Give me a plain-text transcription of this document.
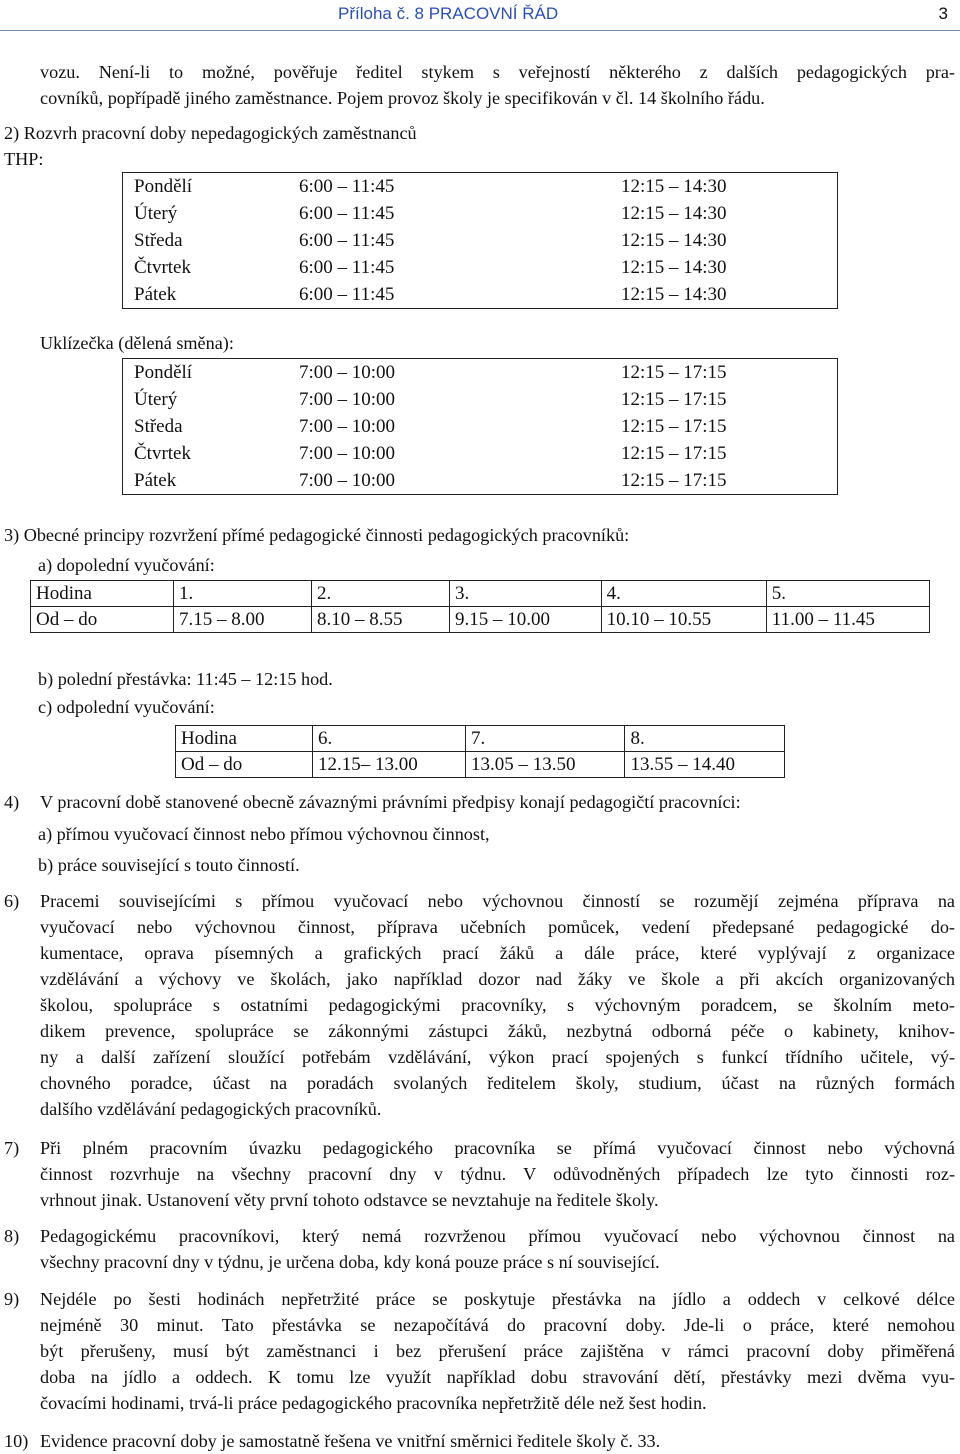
Příloha č. 8 PRACOVNÍ ŘÁD	3
vozu. Není-li to možné, pověřuje ředitel stykem s veřejností některého z dalších pedagogických pra-
covníků, popřípadě jiného zaměstnance. Pojem provoz školy je specifikován v čl. 14 školního řádu.
2) Rozvrh pracovní doby nepedagogických zaměstnanců
THP:
Pondělí	6:00 – 11:45	12:15 – 14:30
Úterý	6:00 – 11:45	12:15 – 14:30
Středa	6:00 – 11:45	12:15 – 14:30
Čtvrtek	6:00 – 11:45	12:15 – 14:30
Pátek	6:00 – 11:45	12:15 – 14:30
Uklízečka (dělená směna):
Pondělí	7:00 – 10:00	12:15 – 17:15
Úterý	7:00 – 10:00	12:15 – 17:15
Středa	7:00 – 10:00	12:15 – 17:15
Čtvrtek	7:00 – 10:00	12:15 – 17:15
Pátek	7:00 – 10:00	12:15 – 17:15
3) Obecné principy rozvržení přímé pedagogické činnosti pedagogických pracovníků:
a) dopolední vyučování:
Hodina	1.	2.	3.	4.	5.
Od – do	7.15 – 8.00	8.10 – 8.55	9.15 – 10.00	10.10 – 10.55	11.00 – 11.45
b) polední přestávka: 11:45 – 12:15 hod.
c) odpolední vyučování:
Hodina	6.	7.	8.
Od – do	12.15– 13.00	13.05 – 13.50	13.55 – 14.40
4) V pracovní době stanovené obecně závaznými právními předpisy konají pedagogičtí pracovníci:
a) přímou vyučovací činnost nebo přímou výchovnou činnost,
b) práce související s touto činností.
6) Pracemi souvisejícími s přímou vyučovací nebo výchovnou činností se rozumějí zejména příprava na
vyučovací nebo výchovnou činnost, příprava učebních pomůcek, vedení předepsané pedagogické do-
kumentace, oprava písemných a grafických prací žáků a dále práce, které vyplývají z organizace
vzdělávání a výchovy ve školách, jako například dozor nad žáky ve škole a při akcích organizovaných
školou, spolupráce s ostatními pedagogickými pracovníky, s výchovným poradcem, se školním meto-
dikem prevence, spolupráce se zákonnými zástupci žáků, nezbytná odborná péče o kabinety, knihov-
ny a další zařízení sloužící potřebám vzdělávání, výkon prací spojených s funkcí třídního učitele, vý-
chovného poradce, účast na poradách svolaných ředitelem školy, studium, účast na různých formách
dalšího vzdělávání pedagogických pracovníků.
7) Při plném pracovním úvazku pedagogického pracovníka se přímá vyučovací činnost nebo výchovná
činnost rozvrhuje na všechny pracovní dny v týdnu. V odůvodněných případech lze tyto činnosti roz-
vrhnout jinak. Ustanovení věty první tohoto odstavce se nevztahuje na ředitele školy.
8) Pedagogickému pracovníkovi, který nemá rozvrženou přímou vyučovací nebo výchovnou činnost na
všechny pracovní dny v týdnu, je určena doba, kdy koná pouze práce s ní související.
9) Nejdéle po šesti hodinách nepřetržité práce se poskytuje přestávka na jídlo a oddech v celkové délce
nejméně 30 minut. Tato přestávka se nezapočítává do pracovní doby. Jde-li o práce, které nemohou
být přerušeny, musí být zaměstnanci i bez přerušení práce zajištěna v rámci pracovní doby přiměřená
doba na jídlo a oddech. K tomu lze využít například dobu stravování dětí, přestávky mezi dvěma vyu-
čovacími hodinami, trvá-li práce pedagogického pracovníka nepřetržitě déle než šest hodin.
10) Evidence pracovní doby je samostatně řešena ve vnitřní směrnici ředitele školy č. 33.
